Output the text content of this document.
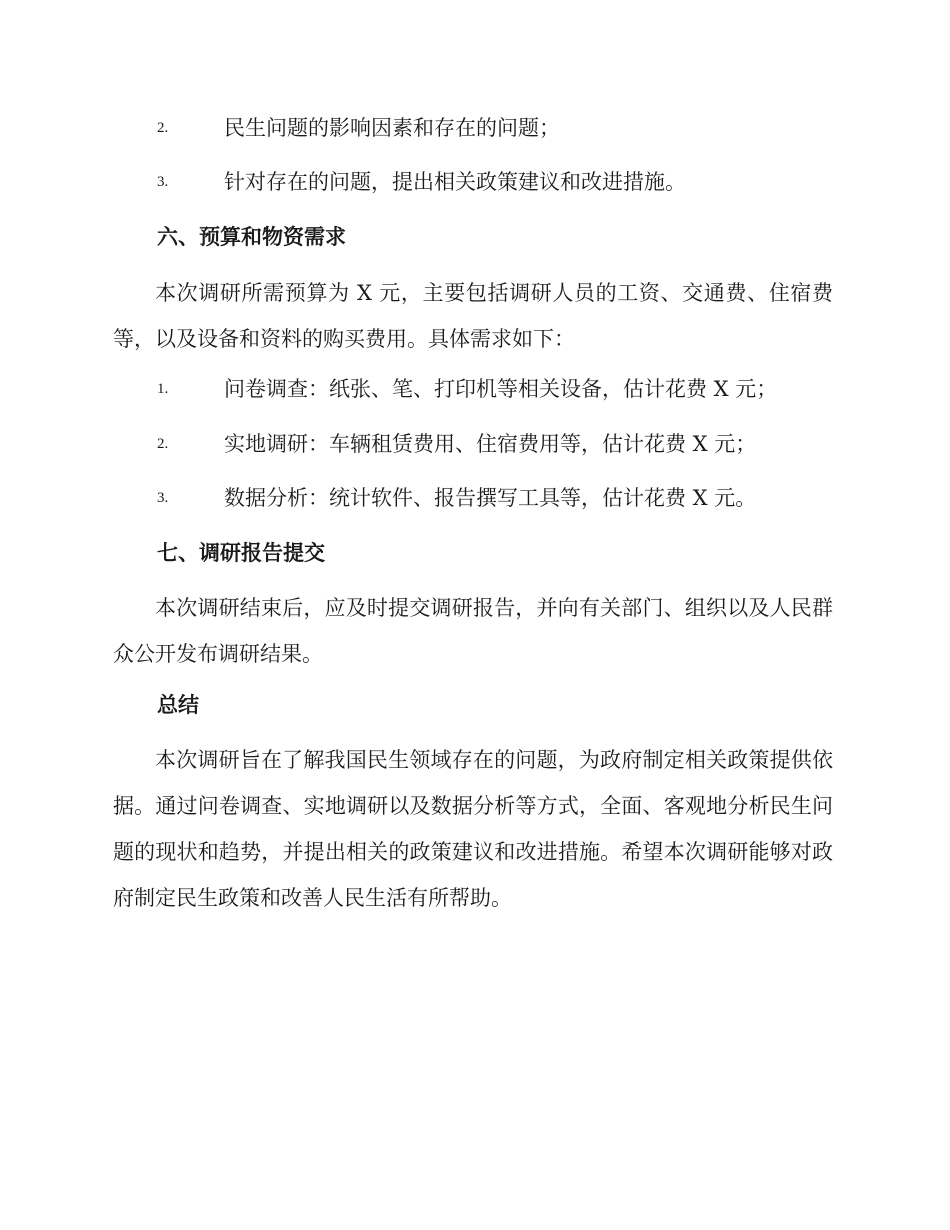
2.	民生问题的影响因素和存在的问题；
3.	针对存在的问题，提出相关政策建议和改进措施。
六、预算和物资需求

本次调研所需预算为 X 元，主要包括调研人员的工资、交通费、住宿费等，以及设备和资料的购买费用。具体需求如下：

1.	问卷调查：纸张、笔、打印机等相关设备，估计花费 X 元；
2.	实地调研：车辆租赁费用、住宿费用等，估计花费 X 元；
3.	数据分析：统计软件、报告撰写工具等，估计花费 X 元。
七、调研报告提交

本次调研结束后，应及时提交调研报告，并向有关部门、组织以及人民群众公开发布调研结果。

总结

本次调研旨在了解我国民生领域存在的问题，为政府制定相关政策提供依据。通过问卷调查、实地调研以及数据分析等方式，全面、客观地分析民生问题的现状和趋势，并提出相关的政策建议和改进措施。希望本次调研能够对政府制定民生政策和改善人民生活有所帮助。
